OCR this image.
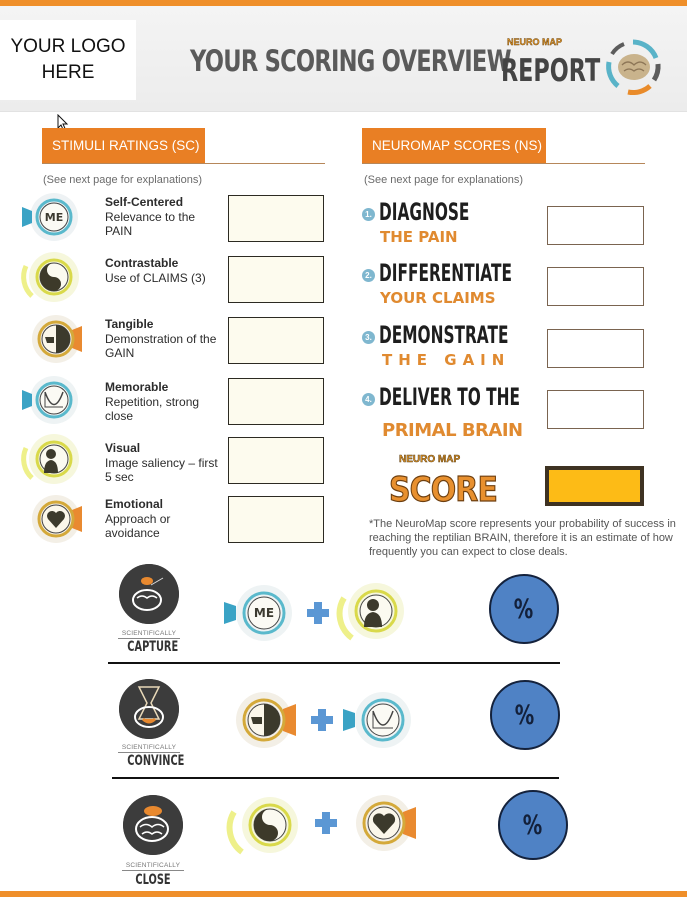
YOUR LOGO
HERE	YOUR SCORING OVERVIEW
NEURO MAP
REPORT
STIMULI RATINGS (SC)
(See next page for explanations)
ME
Self-Centered
Relevance to the PAIN
Contrastable
Use of CLAIMS (3)
Tangible
Demonstration of the GAIN
Memorable
Repetition, strong close
Visual
Image saliency – first 5 sec
Emotional
Approach or avoidance
NEUROMAP SCORES (NS)
(See next page for explanations)
1. DIAGNOSE
THE PAIN
2. DIFFERENTIATE
YOUR CLAIMS
3. DEMONSTRATE
THE GAIN
4. DELIVER TO THE
PRIMAL BRAIN
NEURO MAP
SCORE
*The NeuroMap score represents your probability of success in reaching the reptilian BRAIN, therefore it is an estimate of how frequently you can expect to close deals.
SCIENTIFICALLY
CAPTURE
ME	%
SCIENTIFICALLY
CONVINCE
%
SCIENTIFICALLY
CLOSE
%
